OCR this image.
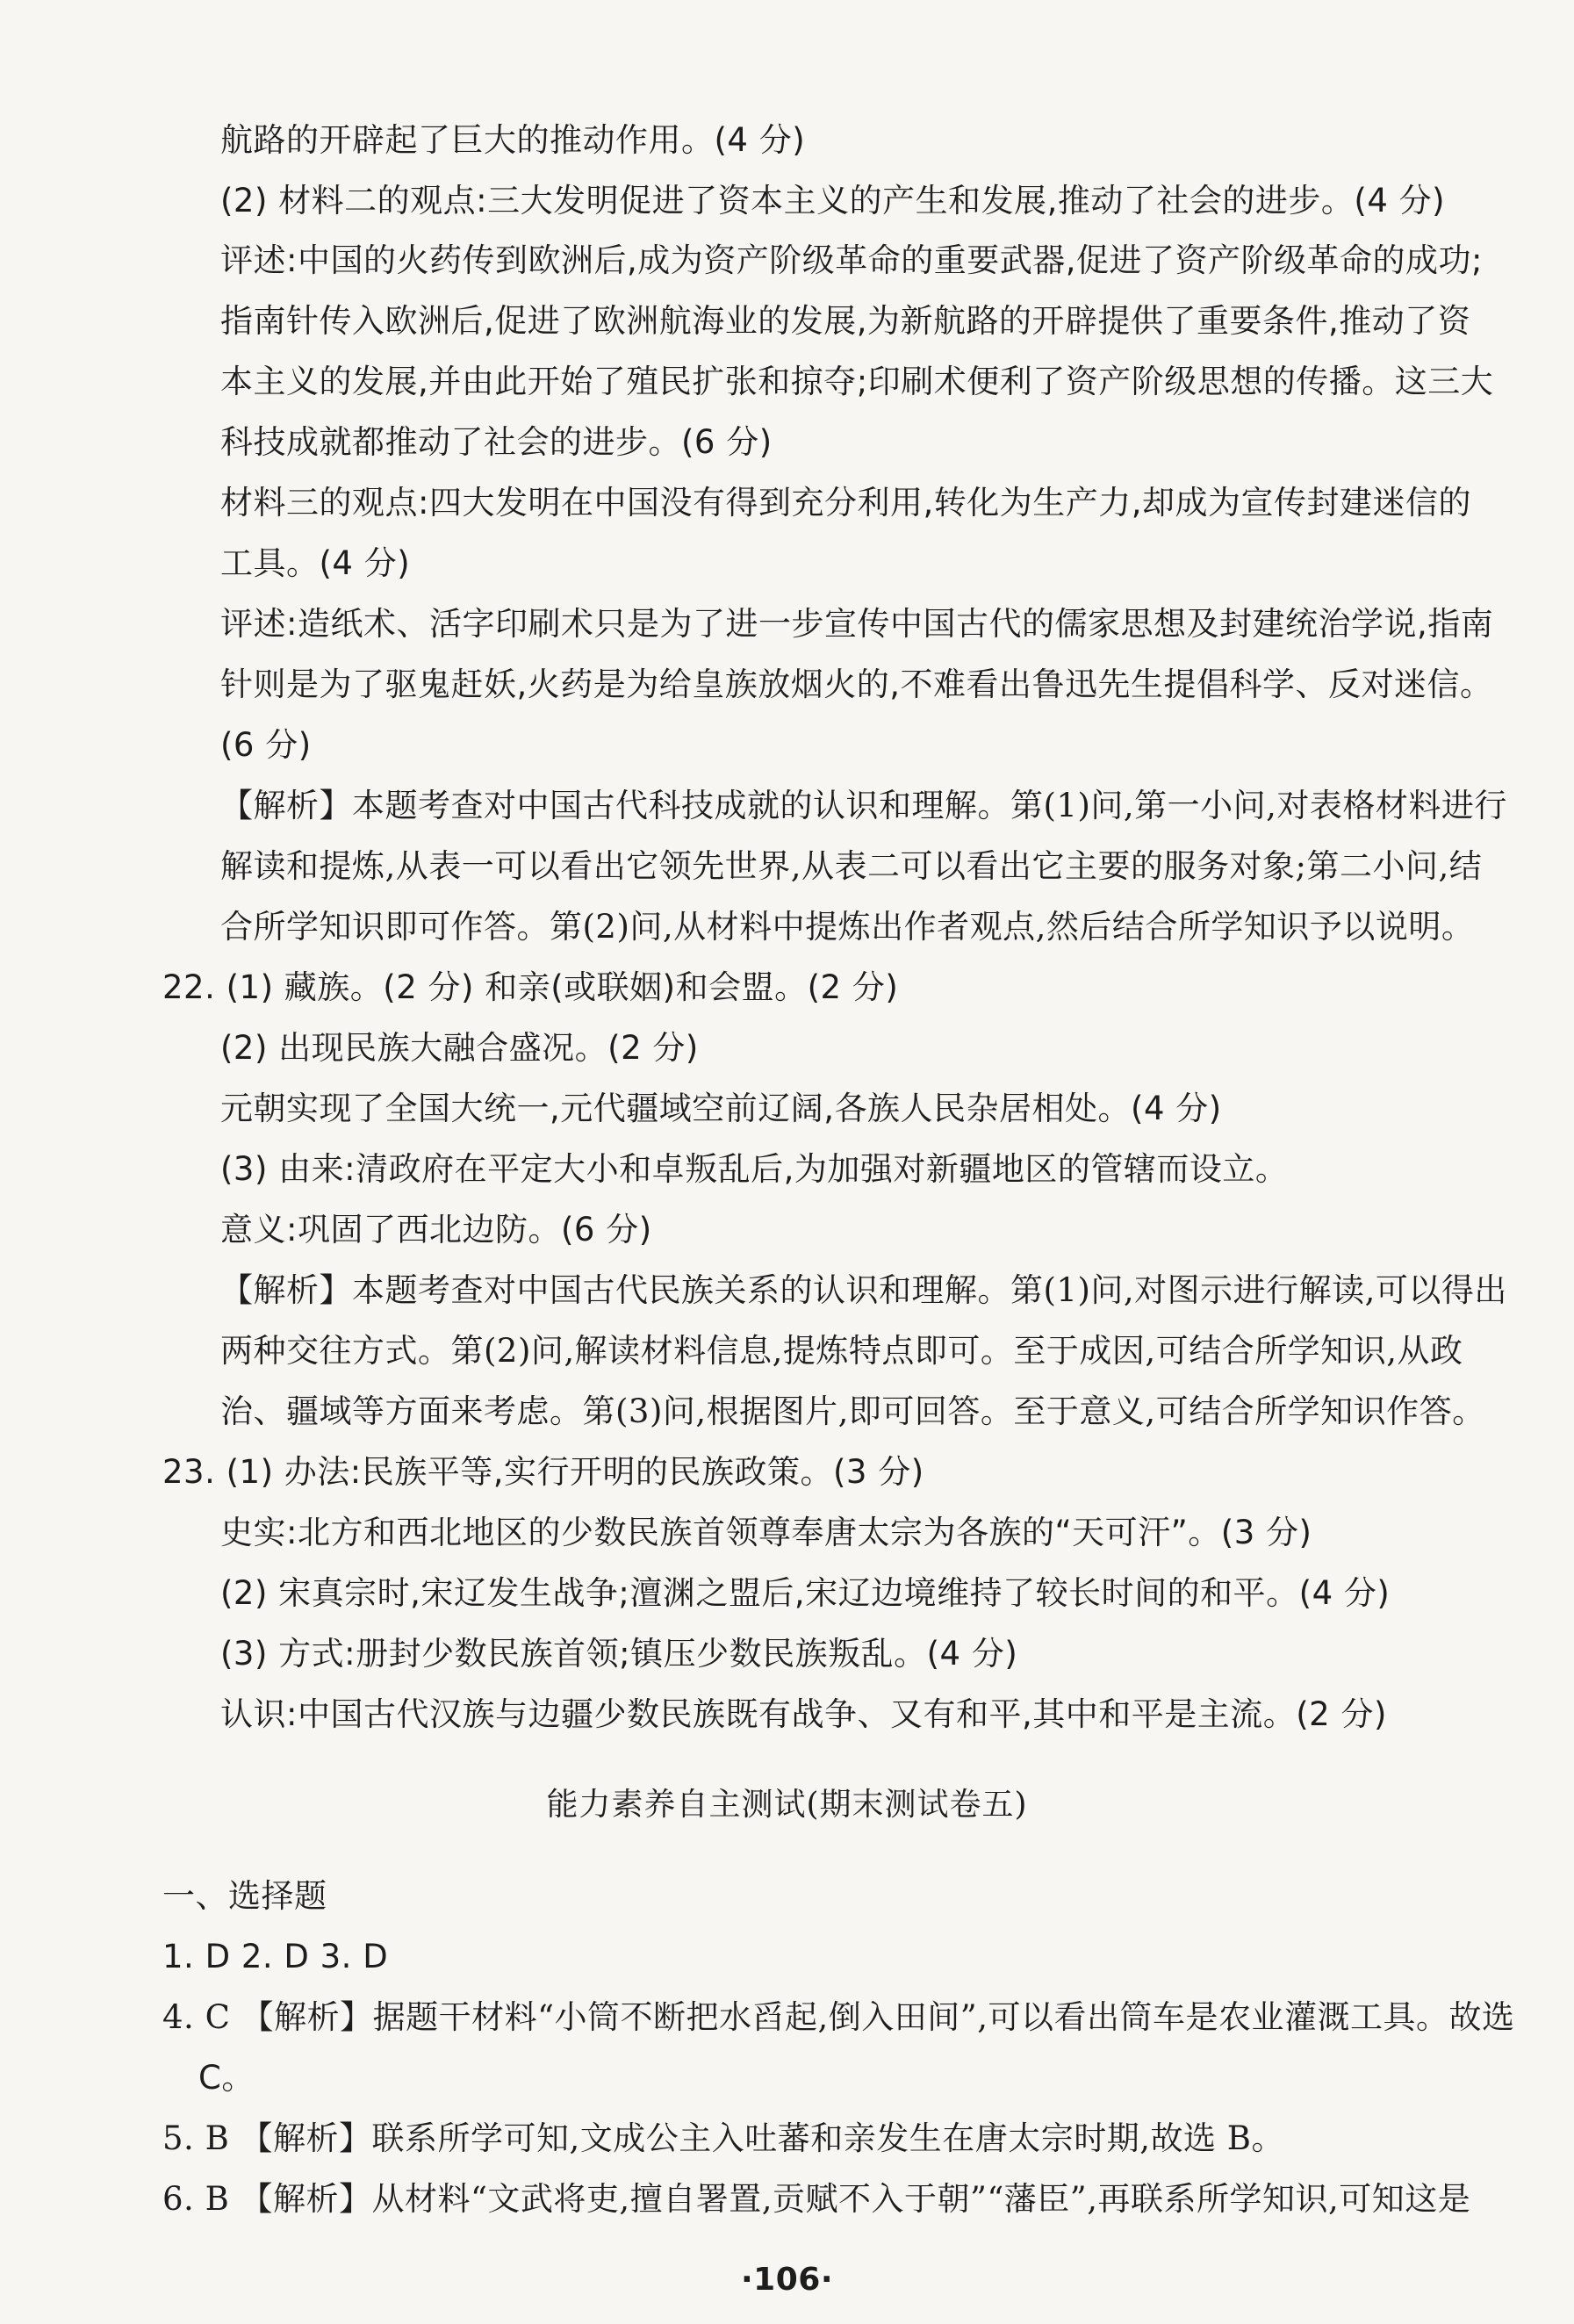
航路的开辟起了巨大的推动作用。(4 分)
(2) 材料二的观点:三大发明促进了资本主义的产生和发展,推动了社会的进步。(4 分)
评述:中国的火药传到欧洲后,成为资产阶级革命的重要武器,促进了资产阶级革命的成功;
指南针传入欧洲后,促进了欧洲航海业的发展,为新航路的开辟提供了重要条件,推动了资
本主义的发展,并由此开始了殖民扩张和掠夺;印刷术便利了资产阶级思想的传播。这三大
科技成就都推动了社会的进步。(6 分)
材料三的观点:四大发明在中国没有得到充分利用,转化为生产力,却成为宣传封建迷信的
工具。(4 分)
评述:造纸术、活字印刷术只是为了进一步宣传中国古代的儒家思想及封建统治学说,指南
针则是为了驱鬼赶妖,火药是为给皇族放烟火的,不难看出鲁迅先生提倡科学、反对迷信。
(6 分)
【解析】本题考查对中国古代科技成就的认识和理解。第(1)问,第一小问,对表格材料进行
解读和提炼,从表一可以看出它领先世界,从表二可以看出它主要的服务对象;第二小问,结
合所学知识即可作答。第(2)问,从材料中提炼出作者观点,然后结合所学知识予以说明。
22. (1) 藏族。(2 分) 和亲(或联姻)和会盟。(2 分)
(2) 出现民族大融合盛况。(2 分)
元朝实现了全国大统一,元代疆域空前辽阔,各族人民杂居相处。(4 分)
(3) 由来:清政府在平定大小和卓叛乱后,为加强对新疆地区的管辖而设立。
意义:巩固了西北边防。(6 分)
【解析】本题考查对中国古代民族关系的认识和理解。第(1)问,对图示进行解读,可以得出
两种交往方式。第(2)问,解读材料信息,提炼特点即可。至于成因,可结合所学知识,从政
治、疆域等方面来考虑。第(3)问,根据图片,即可回答。至于意义,可结合所学知识作答。
23. (1) 办法:民族平等,实行开明的民族政策。(3 分)
史实:北方和西北地区的少数民族首领尊奉唐太宗为各族的“天可汗”。(3 分)
(2) 宋真宗时,宋辽发生战争;澶渊之盟后,宋辽边境维持了较长时间的和平。(4 分)
(3) 方式:册封少数民族首领;镇压少数民族叛乱。(4 分)
认识:中国古代汉族与边疆少数民族既有战争、又有和平,其中和平是主流。(2 分)
能力素养自主测试(期末测试卷五)
一、选择题
1. D 2. D 3. D
4. C 【解析】据题干材料“小筒不断把水舀起,倒入田间”,可以看出筒车是农业灌溉工具。故选
C。
5. B 【解析】联系所学可知,文成公主入吐蕃和亲发生在唐太宗时期,故选 B。
6. B 【解析】从材料“文武将吏,擅自署置,贡赋不入于朝”“藩臣”,再联系所学知识,可知这是
·106·
